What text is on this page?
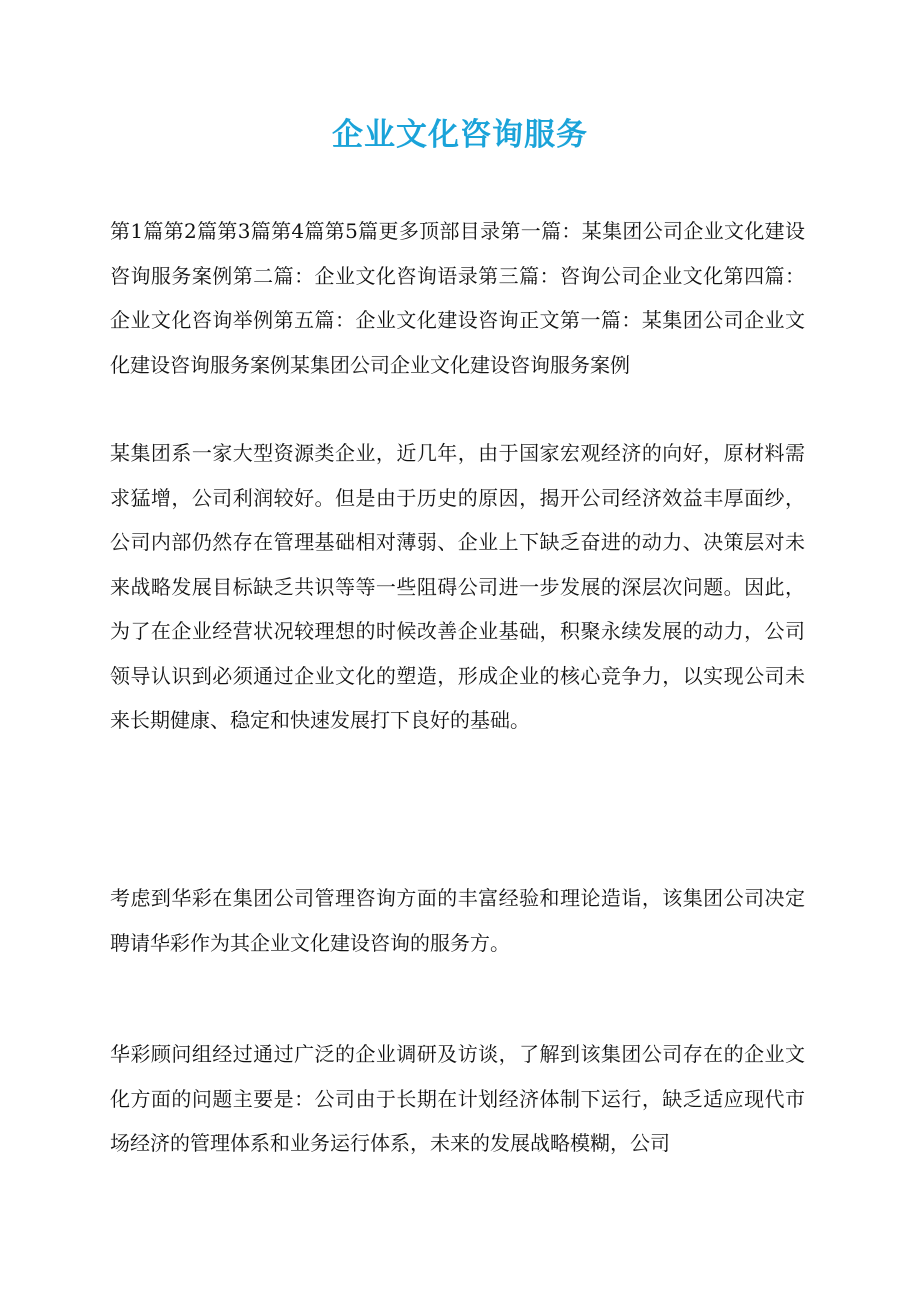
企业文化咨询服务

第1篇第2篇第3篇第4篇第5篇更多顶部目录第一篇：某集团公司企业文化建设咨询服务案例第二篇：企业文化咨询语录第三篇：咨询公司企业文化第四篇：企业文化咨询举例第五篇：企业文化建设咨询正文第一篇：某集团公司企业文化建设咨询服务案例某集团公司企业文化建设咨询服务案例

某集团系一家大型资源类企业，近几年，由于国家宏观经济的向好，原材料需求猛增，公司利润较好。但是由于历史的原因，揭开公司经济效益丰厚面纱，公司内部仍然存在管理基础相对薄弱、企业上下缺乏奋进的动力、决策层对未来战略发展目标缺乏共识等等一些阻碍公司进一步发展的深层次问题。因此，为了在企业经营状况较理想的时候改善企业基础，积聚永续发展的动力，公司领导认识到必须通过企业文化的塑造，形成企业的核心竞争力，以实现公司未来长期健康、稳定和快速发展打下良好的基础。

考虑到华彩在集团公司管理咨询方面的丰富经验和理论造诣，该集团公司决定聘请华彩作为其企业文化建设咨询的服务方。

华彩顾问组经过通过广泛的企业调研及访谈，了解到该集团公司存在的企业文化方面的问题主要是：公司由于长期在计划经济体制下运行，缺乏适应现代市场经济的管理体系和业务运行体系，未来的发展战略模糊，公司
